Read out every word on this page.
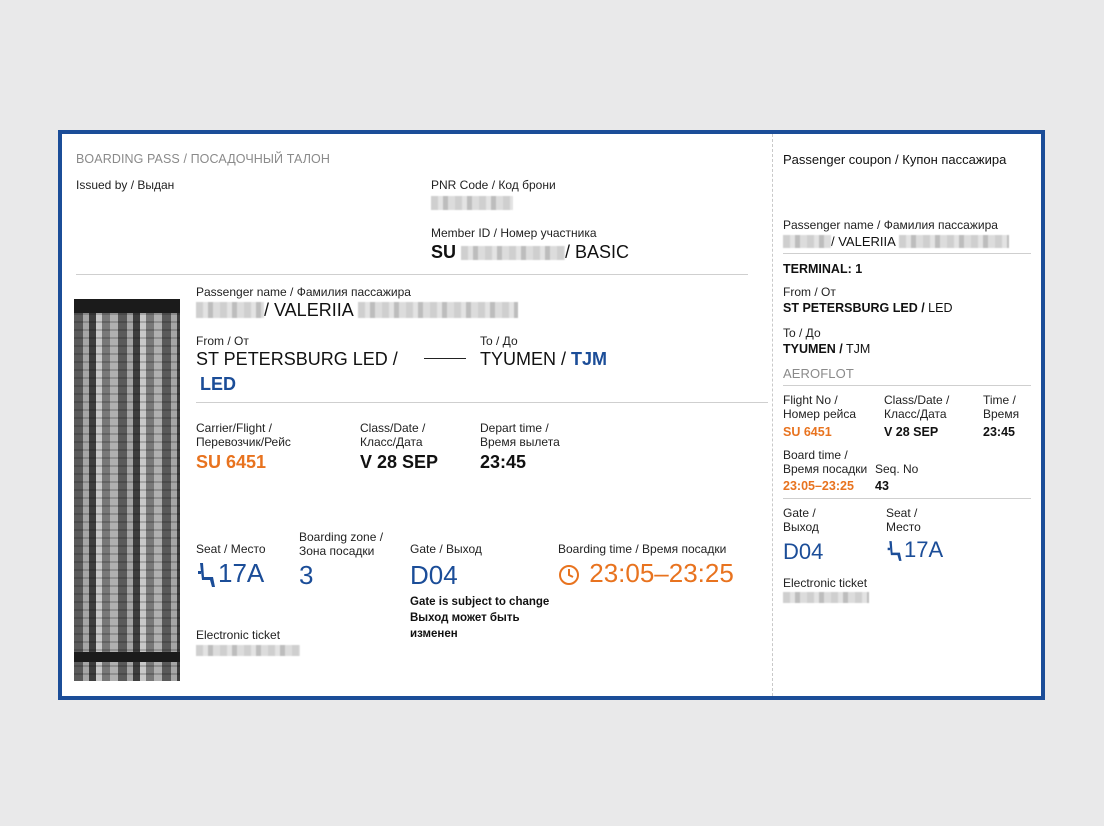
BOARDING PASS / ПОСАДОЧНЫЙ ТАЛОН
Issued by / Выдан	PNR Code / Код брони
Member ID / Номер участника
SU	/ BASIC
Passenger name / Фамилия пассажира
/ VALERIIA
From / От
ST PETERSBURG LED /
LED
To / До
TYUMEN / TJM
Carrier/Flight /
Перевозчик/Рейс
SU 6451
Class/Date /
Класс/Дата
V 28 SEP
Depart time /
Время вылета
23:45
Seat / Место
17A
Boarding zone /
Зона посадки
3
Gate / Выход
D04
Gate is subject to change
Выход может быть
изменен
Boarding time / Время посадки
23:05–23:25
Electronic ticket
Passenger coupon / Купон пассажира
Passenger name / Фамилия пассажира
/ VALERIIA
TERMINAL: 1
From / От
ST PETERSBURG LED / LED
To / До
TYUMEN / TJM
AEROFLOT
Flight No /
Номер рейса
SU 6451
Class/Date /
Класс/Дата
V 28 SEP
Time /
Время
23:45
Board time /
Время посадки
23:05–23:25
Seq. No
43
Gate /
Выход
D04
Seat /
Место
17A
Electronic ticket
